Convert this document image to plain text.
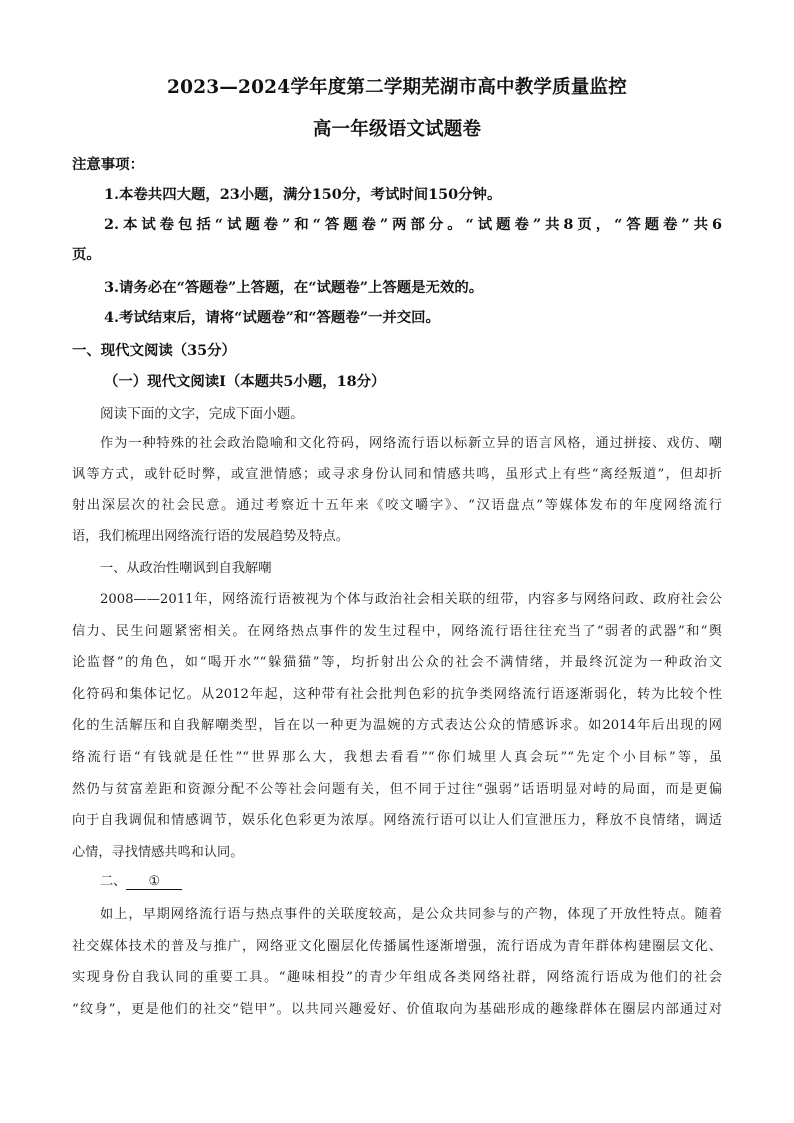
2023—2024学年度第二学期芜湖市高中教学质量监控
高一年级语文试题卷
注意事项：
1.本卷共四大题，23小题，满分150分，考试时间150分钟。
2.本试卷包括“试题卷”和“答题卷”两部分。“试题卷”共8页，“答题卷”共6
页。
3.请务必在“答题卷”上答题，在“试题卷”上答题是无效的。
4.考试结束后，请将“试题卷”和“答题卷”一并交回。
一、现代文阅读（35分）
（一）现代文阅读Ⅰ（本题共5小题，18分）
阅读下面的文字，完成下面小题。
作为一种特殊的社会政治隐喻和文化符码，网络流行语以标新立异的语言风格，通过拼接、戏仿、嘲
讽等方式，或针砭时弊，或宣泄情感；或寻求身份认同和情感共鸣，虽形式上有些“离经叛道”，但却折
射出深层次的社会民意。通过考察近十五年来《咬文嚼字》、“汉语盘点”等媒体发布的年度网络流行
语，我们梳理出网络流行语的发展趋势及特点。
一、从政治性嘲讽到自我解嘲
2008——2011年，网络流行语被视为个体与政治社会相关联的纽带，内容多与网络问政、政府社会公
信力、民生问题紧密相关。在网络热点事件的发生过程中，网络流行语往往充当了“弱者的武器”和“舆
论监督”的角色，如“喝开水”“躲猫猫”等，均折射出公众的社会不满情绪，并最终沉淀为一种政治文
化符码和集体记忆。从2012年起，这种带有社会批判色彩的抗争类网络流行语逐渐弱化，转为比较个性
化的生活解压和自我解嘲类型，旨在以一种更为温婉的方式表达公众的情感诉求。如2014年后出现的网
络流行语“有钱就是任性”“世界那么大，我想去看看”“你们城里人真会玩”“先定个小目标”等，虽
然仍与贫富差距和资源分配不公等社会问题有关，但不同于过往“强弱”话语明显对峙的局面，而是更偏
向于自我调侃和情感调节，娱乐化色彩更为浓厚。网络流行语可以让人们宣泄压力，释放不良情绪，调适
心情，寻找情感共鸣和认同。
二、 ①
如上，早期网络流行语与热点事件的关联度较高，是公众共同参与的产物，体现了开放性特点。随着
社交媒体技术的普及与推广，网络亚文化圈层化传播属性逐渐增强，流行语成为青年群体构建圈层文化、
实现身份自我认同的重要工具。“趣味相投”的青少年组成各类网络社群，网络流行语成为他们的社会
“纹身”，更是他们的社交“铠甲”。以共同兴趣爱好、价值取向为基础形成的趣缘群体在圈层内部通过对
